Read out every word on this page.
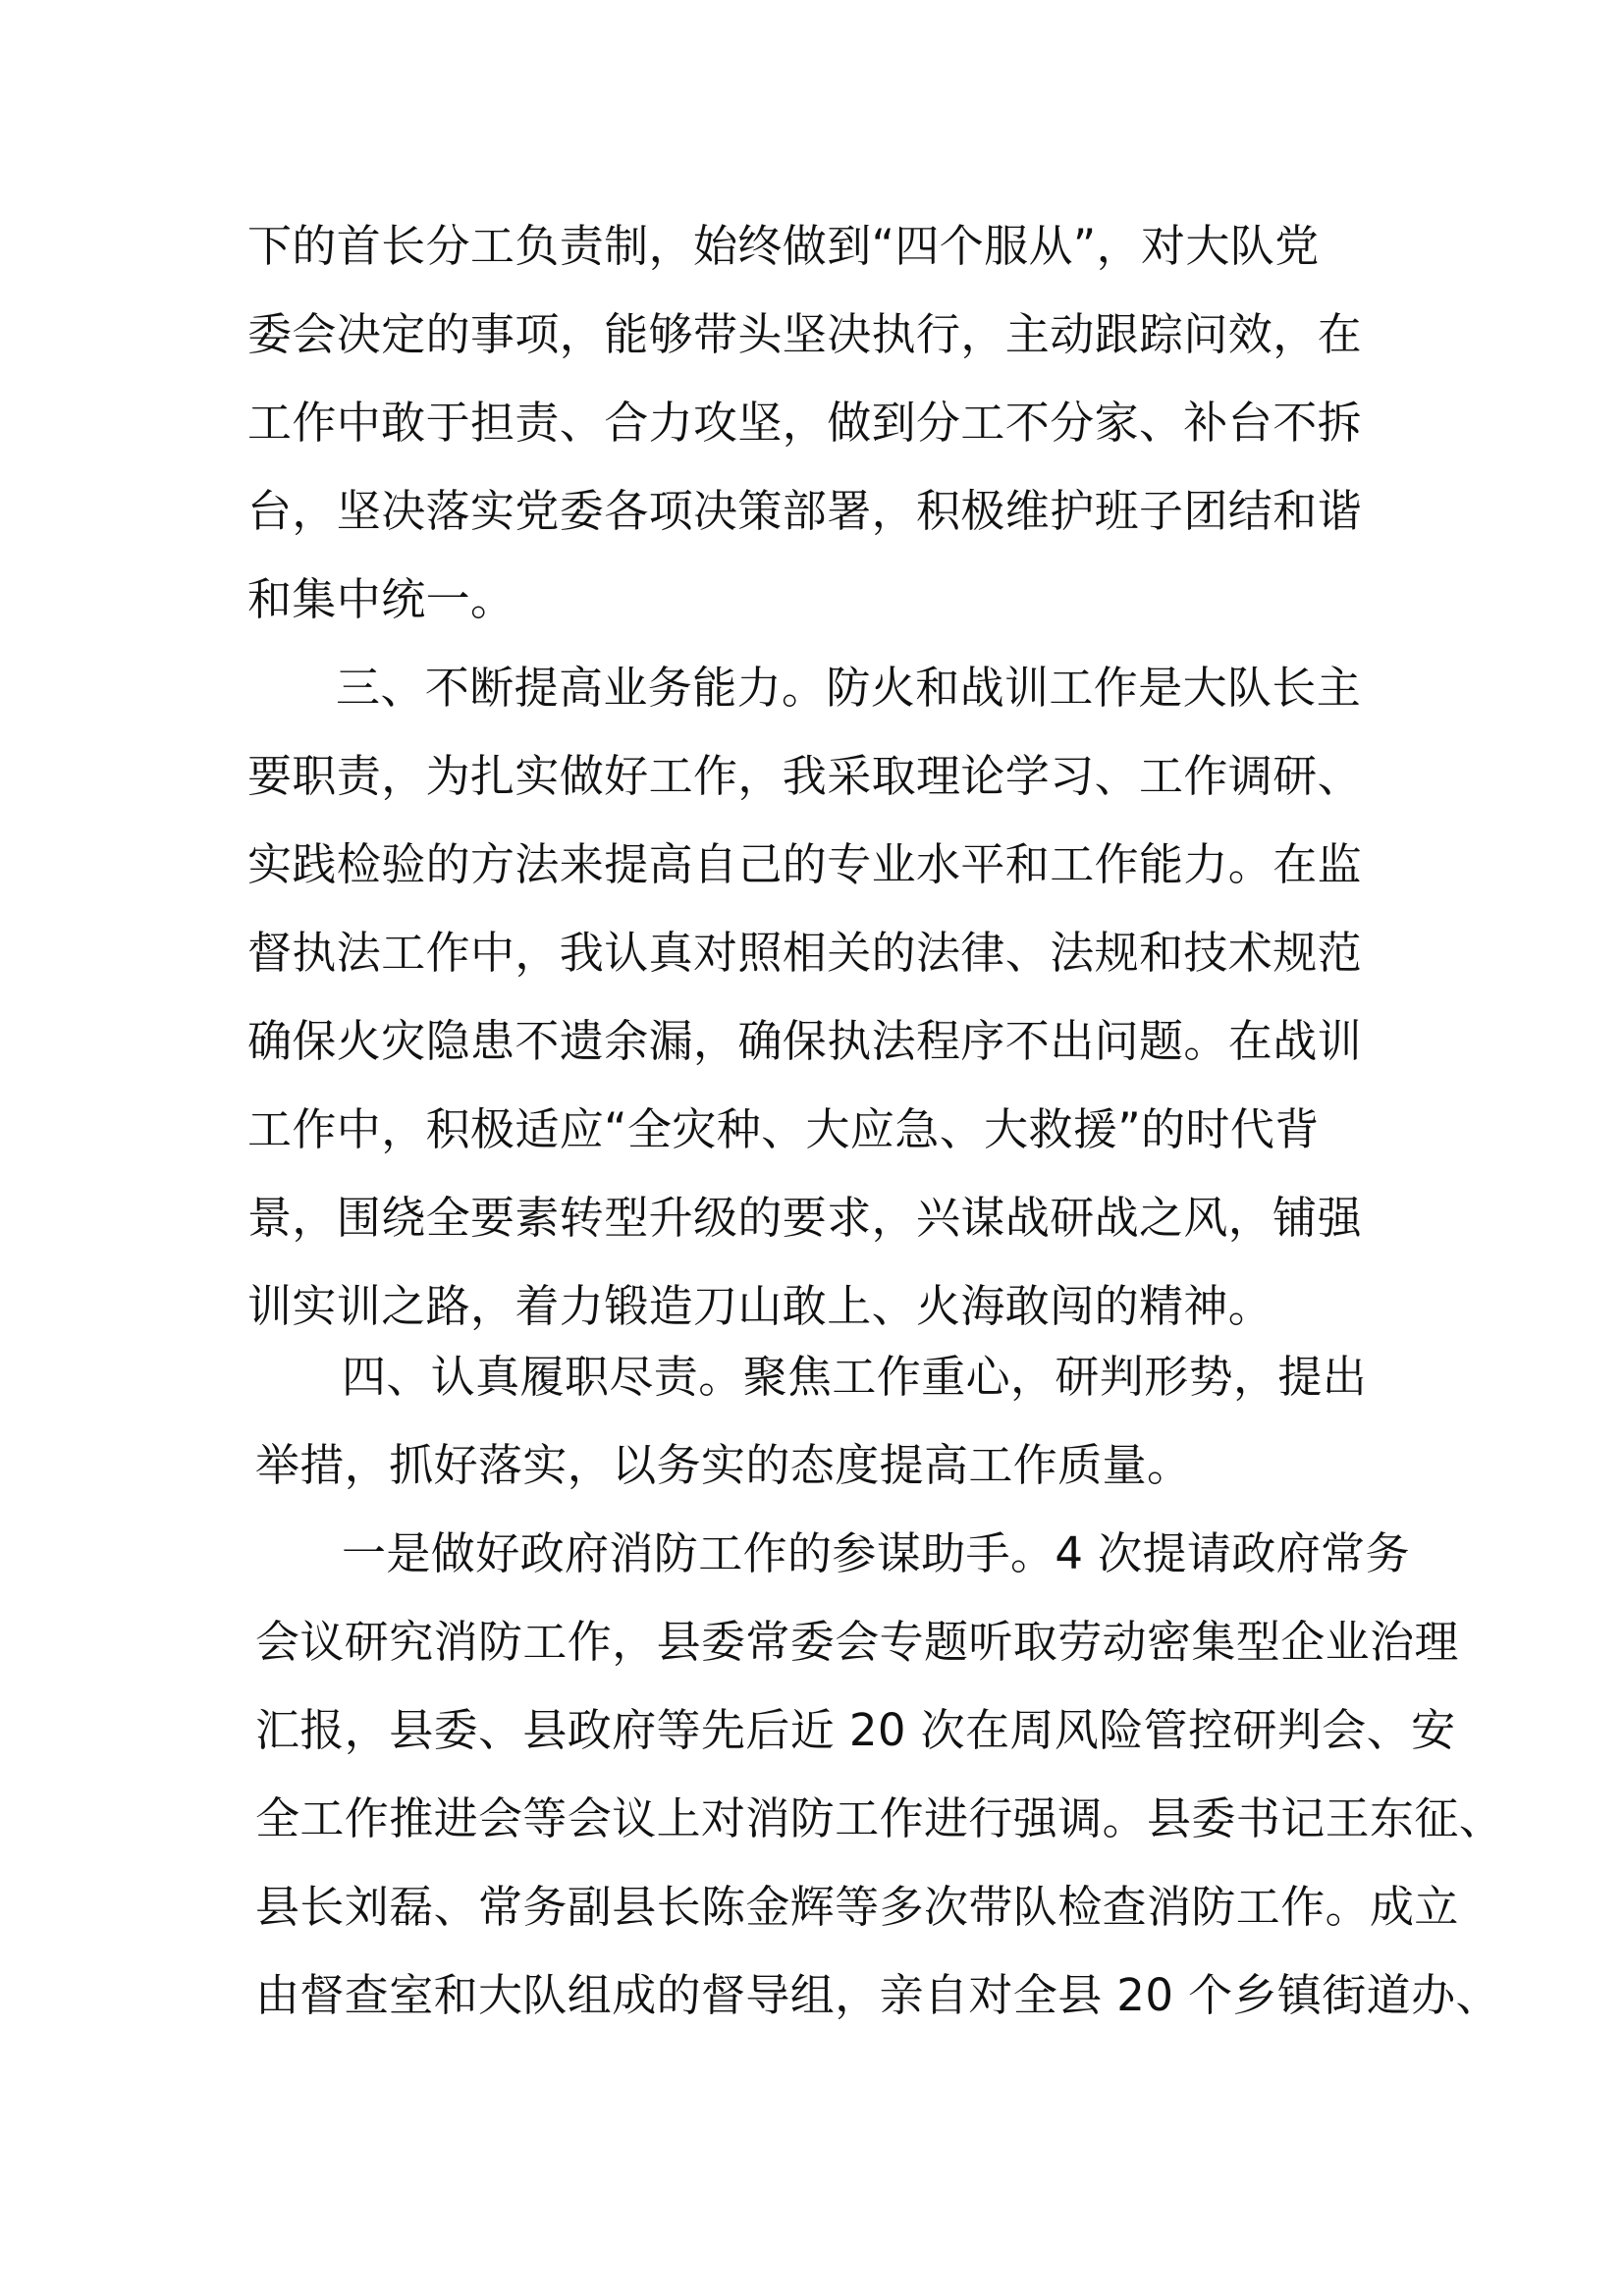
下的首长分工负责制，始终做到“四个服从”，对大队党
委会决定的事项，能够带头坚决执行，主动跟踪问效，在
工作中敢于担责、合力攻坚，做到分工不分家、补台不拆
台，坚决落实党委各项决策部署，积极维护班子团结和谐
和集中统一。
三、不断提高业务能力。防火和战训工作是大队长主
要职责，为扎实做好工作，我采取理论学习、工作调研、
实践检验的方法来提高自己的专业水平和工作能力。在监
督执法工作中，我认真对照相关的法律、法规和技术规范
确保火灾隐患不遗余漏，确保执法程序不出问题。在战训
工作中，积极适应“全灾种、大应急、大救援”的时代背
景，围绕全要素转型升级的要求，兴谋战研战之风，铺强
训实训之路，着力锻造刀山敢上、火海敢闯的精神。
四、认真履职尽责。聚焦工作重心，研判形势，提出
举措，抓好落实，以务实的态度提高工作质量。
一是做好政府消防工作的参谋助手。4 次提请政府常务
会议研究消防工作，县委常委会专题听取劳动密集型企业治理
汇报，县委、县政府等先后近 20 次在周风险管控研判会、安
全工作推进会等会议上对消防工作进行强调。县委书记王东征、
县长刘磊、常务副县长陈金辉等多次带队检查消防工作。成立
由督查室和大队组成的督导组，亲自对全县 20 个乡镇街道办、
